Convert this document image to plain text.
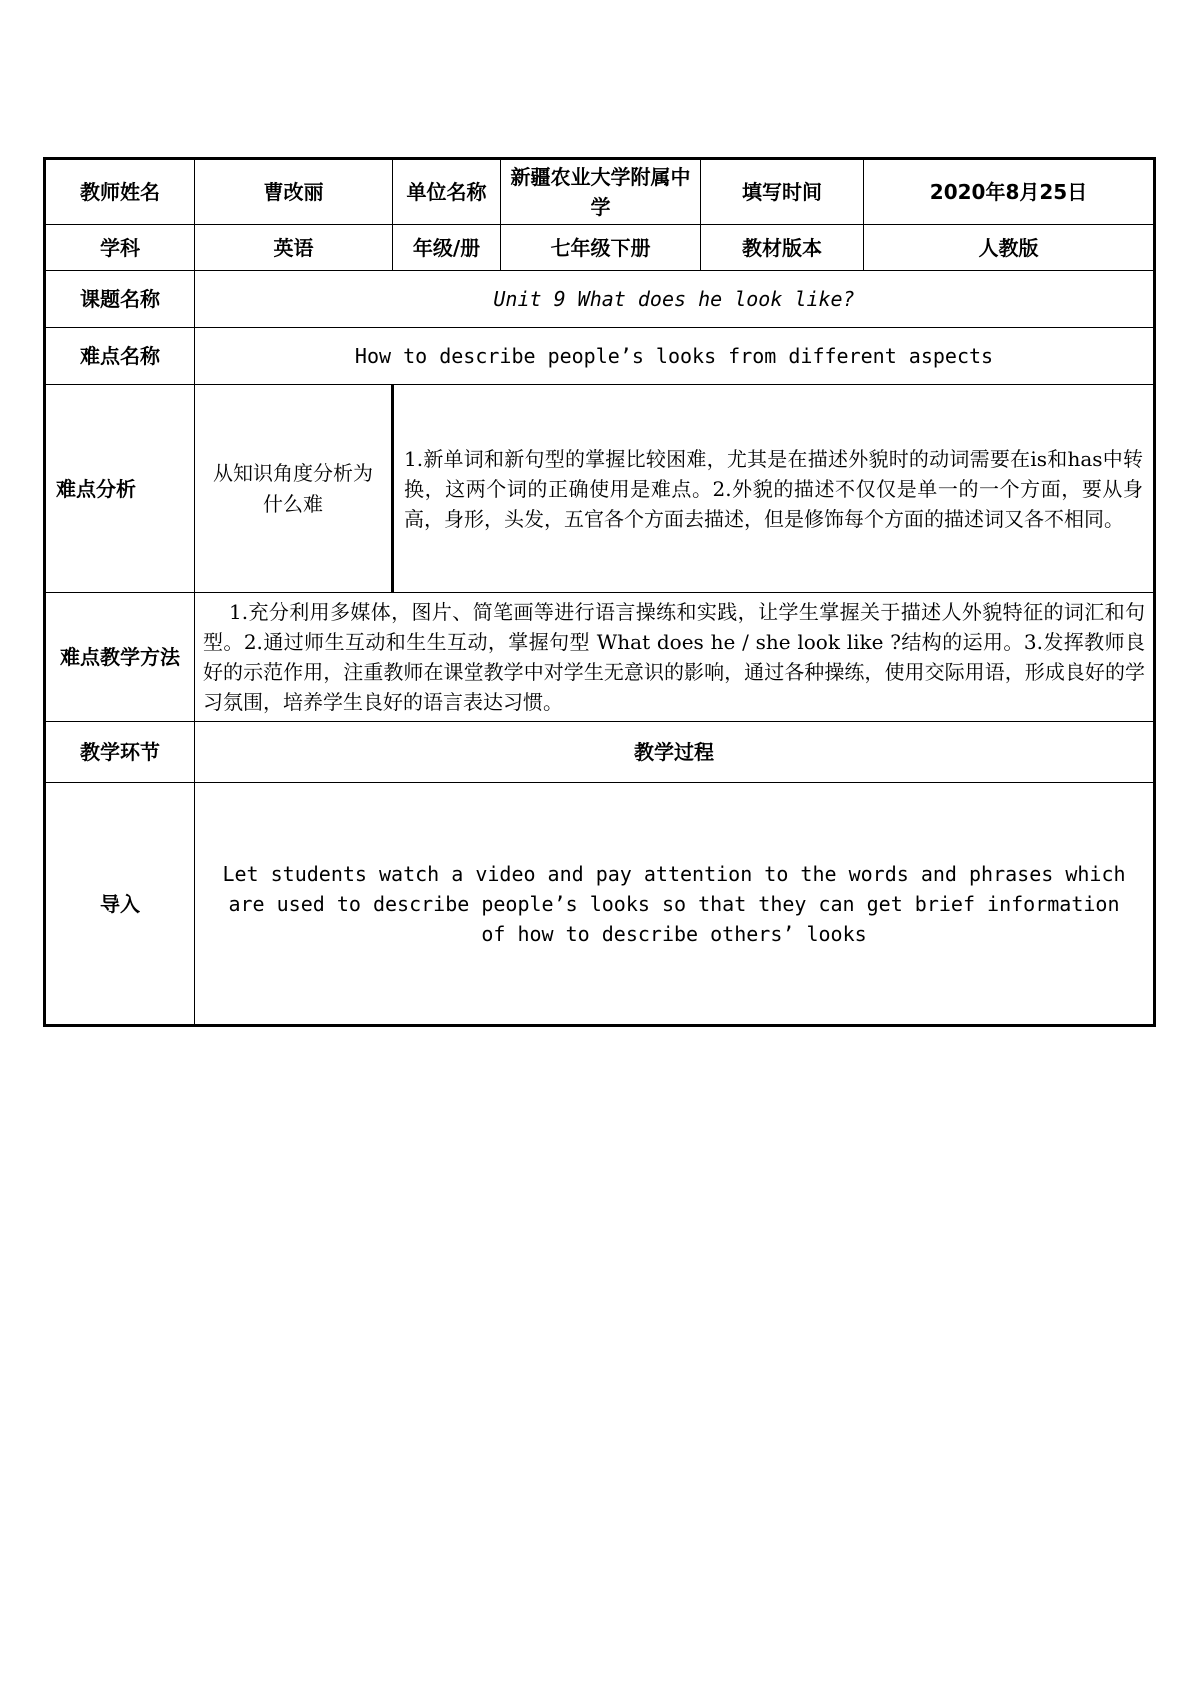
教师姓名	曹改丽	单位名称	新疆农业大学附属中学	填写时间	2020年8月25日
学科	英语	年级/册	七年级下册	教材版本	人教版
课题名称	Unit 9 What does he look like?				
难点名称	How to describe people’s looks from different aspects				
难点分析	从知识角度分析为什么难	1.新单词和新句型的掌握比较困难，尤其是在描述外貌时的动词需要在is和has中转换，这两个词的正确使用是难点。2.外貌的描述不仅仅是单一的一个方面，要从身高，身形，头发，五官各个方面去描述，但是修饰每个方面的描述词又各不相同。			
难点教学方法	1.充分利用多媒体，图片、简笔画等进行语言操练和实践，让学生掌握关于描述人外貌特征的词汇和句型。2.通过师生互动和生生互动，掌握句型 What does he / she look like ?结构的运用。3.发挥教师良好的示范作用，注重教师在课堂教学中对学生无意识的影响，通过各种操练，使用交际用语，形成良好的学习氛围，培养学生良好的语言表达习惯。				
教学环节	教学过程				
导入	Let students watch a video and pay attention to the words and phrases which are used to describe people’s looks so that they can get brief information of how to describe others’ looks				
